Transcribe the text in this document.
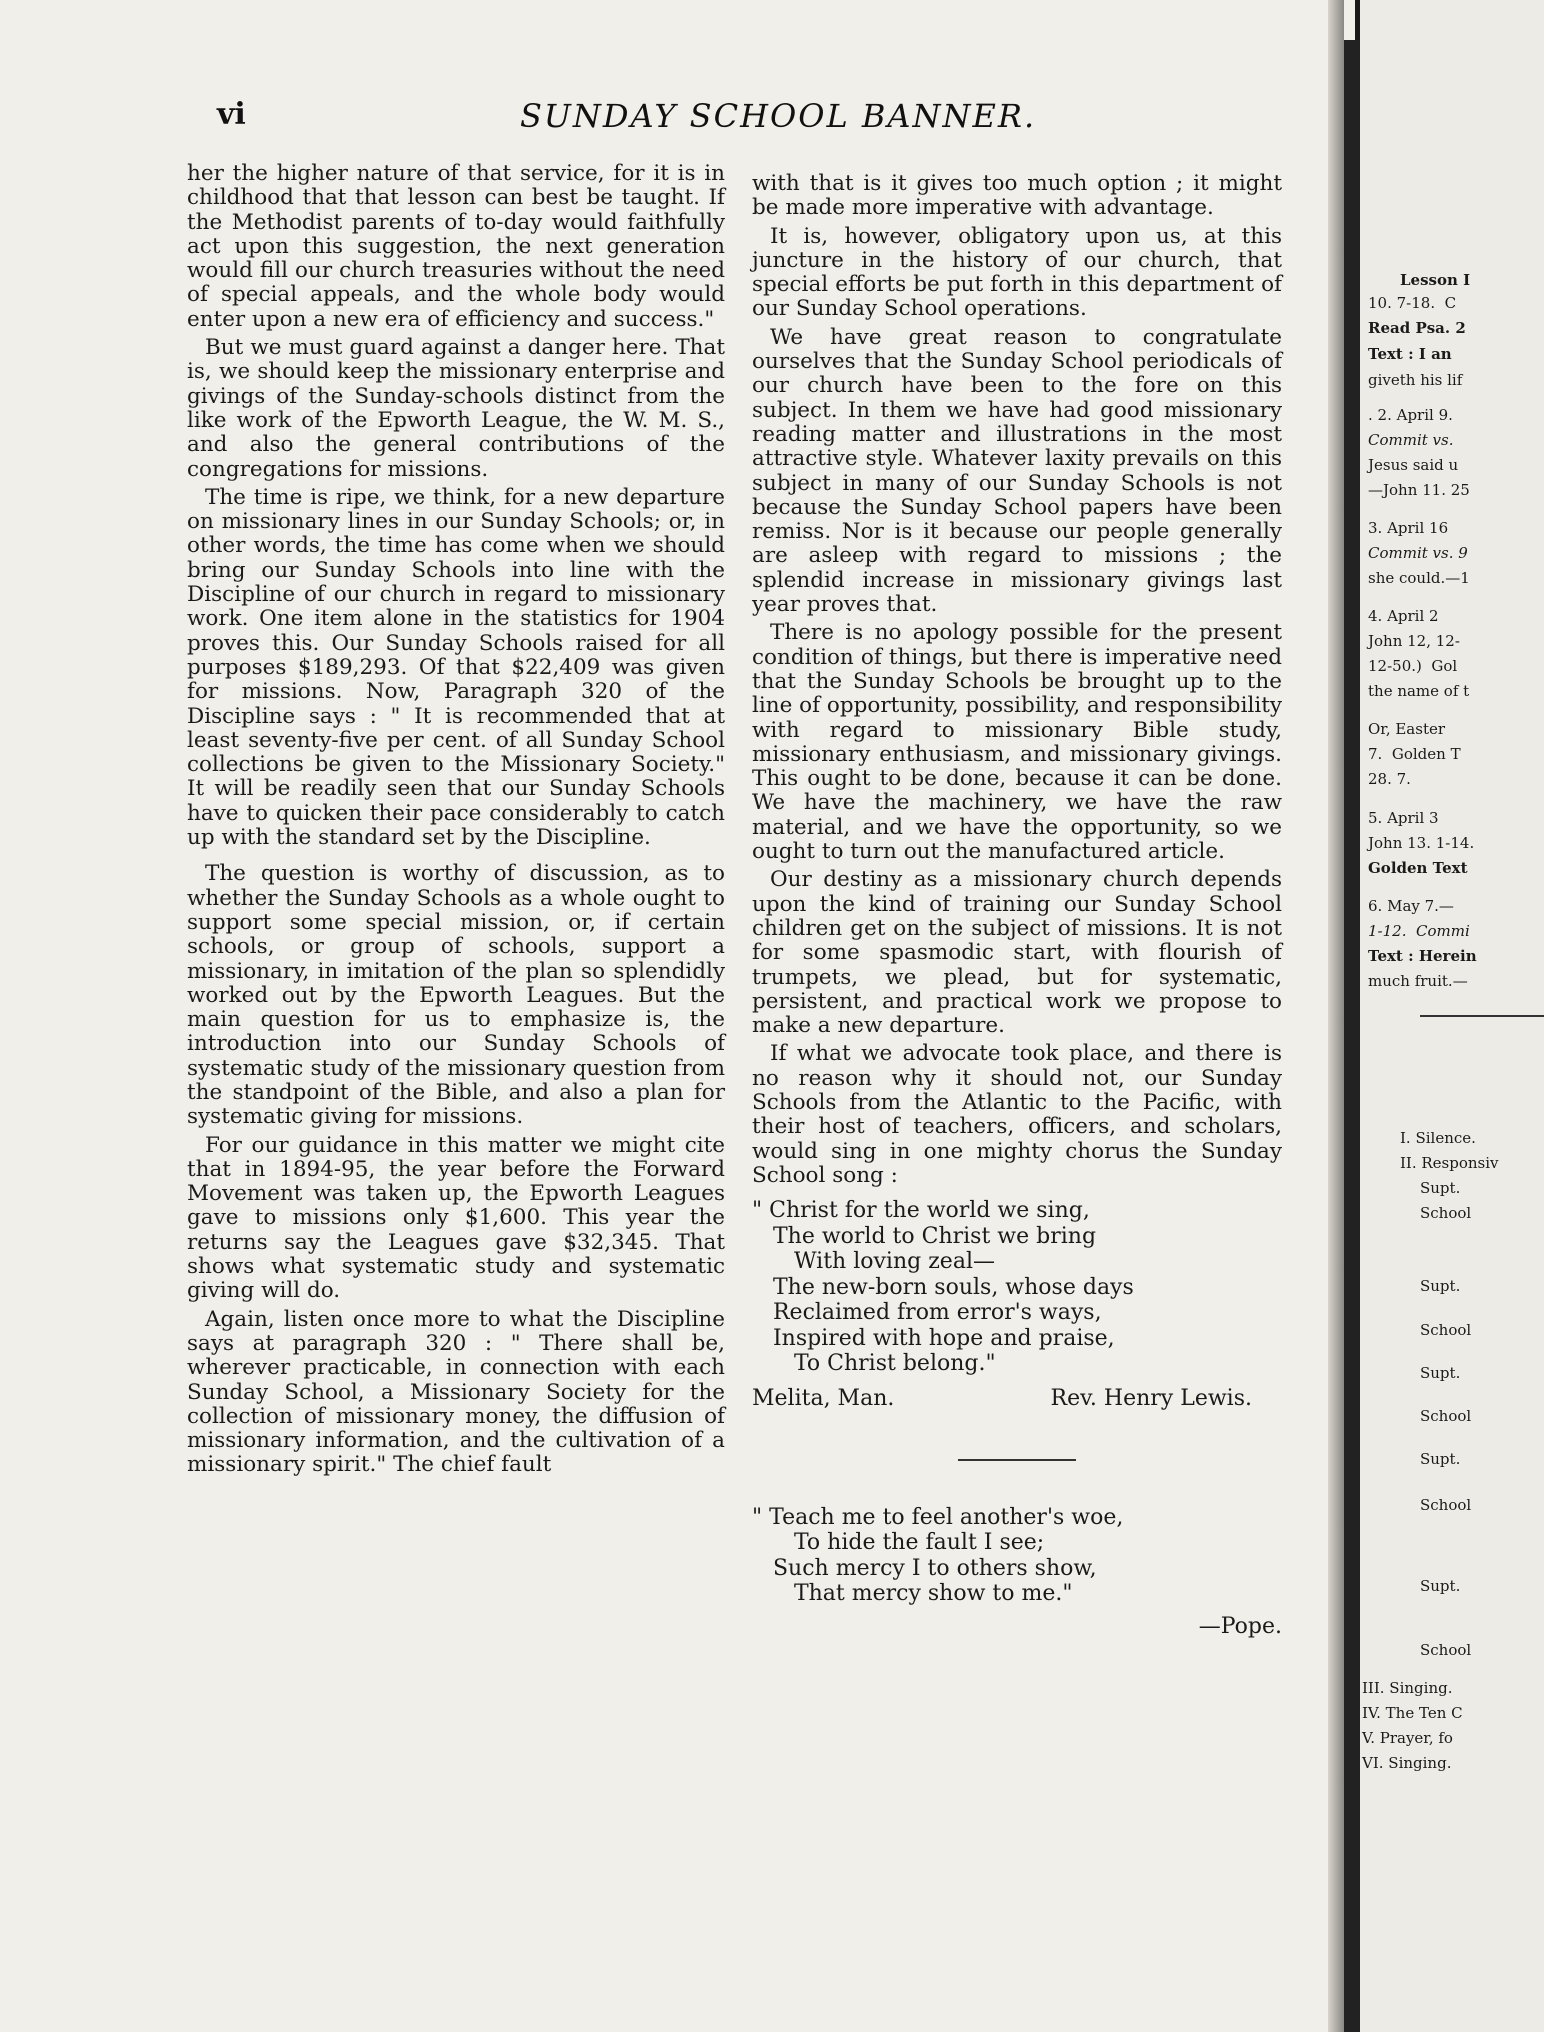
vi	SUNDAY SCHOOL BANNER.

her the higher nature of that service, for it is in childhood that that lesson can best be taught. If the Methodist parents of to-day would faithfully act upon this suggestion, the next generation would fill our church treasuries without the need of special appeals, and the whole body would enter upon a new era of efficiency and success."

But we must guard against a danger here. That is, we should keep the missionary enterprise and givings of the Sunday-schools distinct from the like work of the Epworth League, the W. M. S., and also the general contributions of the congregations for missions.

The time is ripe, we think, for a new departure on missionary lines in our Sunday Schools; or, in other words, the time has come when we should bring our Sunday Schools into line with the Discipline of our church in regard to missionary work. One item alone in the statistics for 1904 proves this. Our Sunday Schools raised for all purposes $189,293. Of that $22,409 was given for missions. Now, Paragraph 320 of the Discipline says : " It is recommended that at least seventy-five per cent. of all Sunday School collections be given to the Missionary Society." It will be readily seen that our Sunday Schools have to quicken their pace considerably to catch up with the standard set by the Discipline.

The question is worthy of discussion, as to whether the Sunday Schools as a whole ought to support some special mission, or, if certain schools, or group of schools, support a missionary, in imitation of the plan so splendidly worked out by the Epworth Leagues. But the main question for us to emphasize is, the introduction into our Sunday Schools of systematic study of the missionary question from the standpoint of the Bible, and also a plan for systematic giving for missions.

For our guidance in this matter we might cite that in 1894-95, the year before the Forward Movement was taken up, the Epworth Leagues gave to missions only $1,600. This year the returns say the Leagues gave $32,345. That shows what systematic study and systematic giving will do.

Again, listen once more to what the Discipline says at paragraph 320 : " There shall be, wherever practicable, in connection with each Sunday School, a Missionary Society for the collection of missionary money, the diffusion of missionary information, and the cultivation of a missionary spirit." The chief fault

with that is it gives too much option ; it might be made more imperative with advantage.

It is, however, obligatory upon us, at this juncture in the history of our church, that special efforts be put forth in this department of our Sunday School operations.

We have great reason to congratulate ourselves that the Sunday School periodicals of our church have been to the fore on this subject. In them we have had good missionary reading matter and illustrations in the most attractive style. Whatever laxity prevails on this subject in many of our Sunday Schools is not because the Sunday School papers have been remiss. Nor is it because our people generally are asleep with regard to missions ; the splendid increase in missionary givings last year proves that.

There is no apology possible for the present condition of things, but there is imperative need that the Sunday Schools be brought up to the line of opportunity, possibility, and responsibility with regard to missionary Bible study, missionary enthusiasm, and missionary givings. This ought to be done, because it can be done. We have the machinery, we have the raw material, and we have the opportunity, so we ought to turn out the manufactured article.

Our destiny as a missionary church depends upon the kind of training our Sunday School children get on the subject of missions. It is not for some spasmodic start, with flourish of trumpets, we plead, but for systematic, persistent, and practical work we propose to make a new departure.

If what we advocate took place, and there is no reason why it should not, our Sunday Schools from the Atlantic to the Pacific, with their host of teachers, officers, and scholars, would sing in one mighty chorus the Sunday School song :

" Christ for the world we sing,
The world to Christ we bring
With loving zeal—
The new-born souls, whose days
Reclaimed from error's ways,
Inspired with hope and praise,
To Christ belong."
Melita, Man.	Rev. Henry Lewis.
" Teach me to feel another's woe,
To hide the fault I see;
Such mercy I to others show,
That mercy show to me."
—Pope.
Lesson I
10. 7-18.  C
Read Psa. 2
Text : I an
giveth his lif
. 2. April 9.
Commit vs.
Jesus said u
—John 11. 25
3. April 16
Commit vs. 9
she could.—1
4. April 2
John 12, 12-
12-50.)  Gol
the name of t
Or, Easter
7.  Golden T
28. 7.
5. April 3
John 13. 1-14.
Golden Text
6. May 7.—
1-12.  Commi
Text : Herein
much fruit.—
I. Silence.
II. Responsiv
Supt.
School
Supt.
School
Supt.
School
Supt.
School
Supt.
School
III. Singing.
IV. The Ten C
V. Prayer, fo
VI. Singing.
